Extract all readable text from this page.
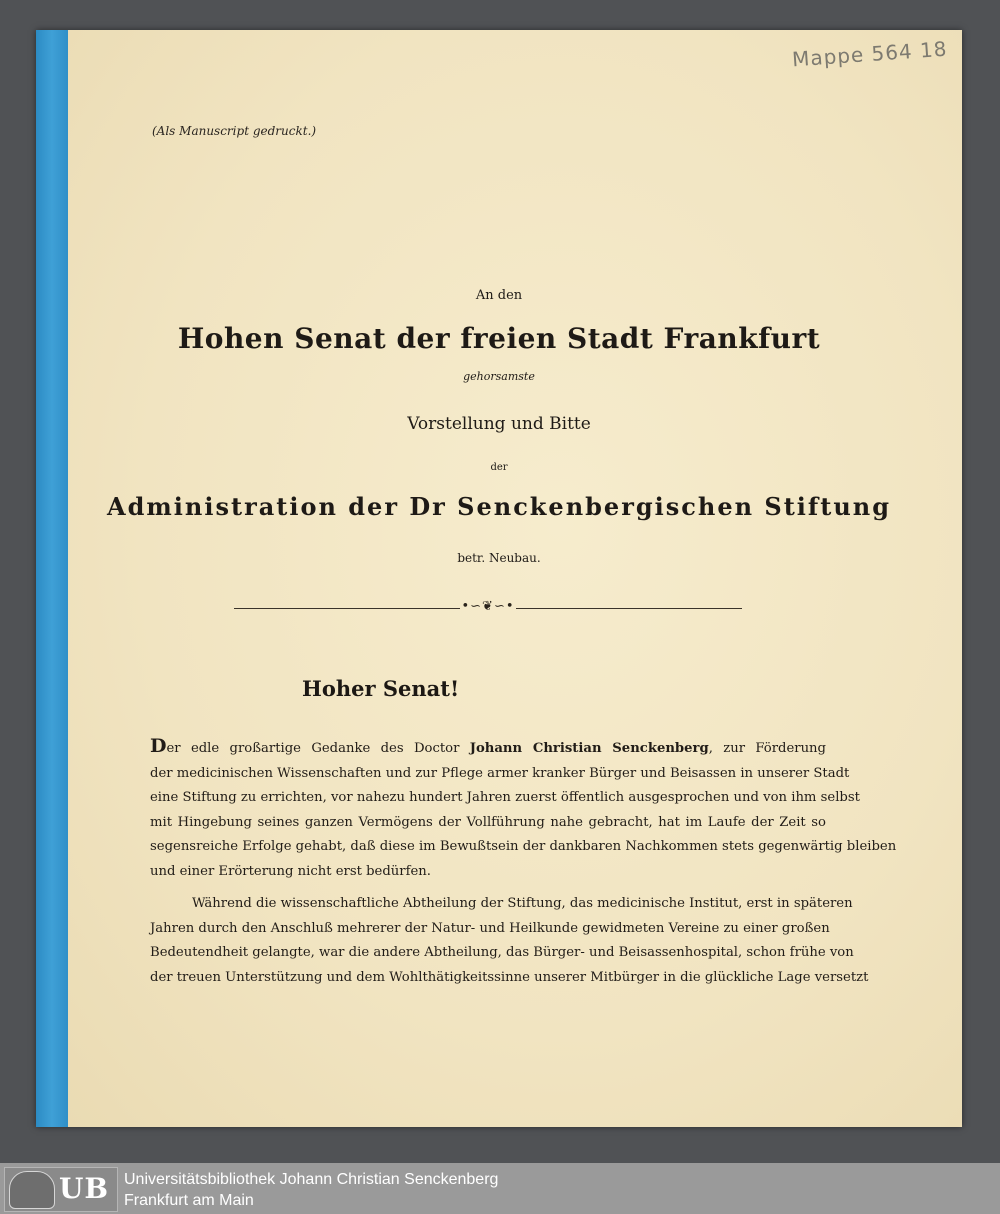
Mappe 564 18
(Als Manuscript gedruckt.)
An den
Hohen Senat der freien Stadt Frankfurt
gehorsamste
Vorstellung und Bitte
der
Administration der Dr Senckenbergischen Stiftung
betr. Neubau.
•∽❦∽•
Hoher Senat!
Der edle großartige Gedanke des Doctor Johann Christian Senckenberg, zur Förderung
der medicinischen Wissenschaften und zur Pflege armer kranker Bürger und Beisassen in unserer Stadt
eine Stiftung zu errichten, vor nahezu hundert Jahren zuerst öffentlich ausgesprochen und von ihm selbst
mit Hingebung seines ganzen Vermögens der Vollführung nahe gebracht, hat im Laufe der Zeit so
segensreiche Erfolge gehabt, daß diese im Bewußtsein der dankbaren Nachkommen stets gegenwärtig bleiben
und einer Erörterung nicht erst bedürfen.
Während die wissenschaftliche Abtheilung der Stiftung, das medicinische Institut, erst in späteren
Jahren durch den Anschluß mehrerer der Natur- und Heilkunde gewidmeten Vereine zu einer großen
Bedeutendheit gelangte, war die andere Abtheilung, das Bürger- und Beisassenhospital, schon frühe von
der treuen Unterstützung und dem Wohlthätigkeitssinne unserer Mitbürger in die glückliche Lage versetzt
UB Universitätsbibliothek Johann Christian Senckenberg
Frankfurt am Main
